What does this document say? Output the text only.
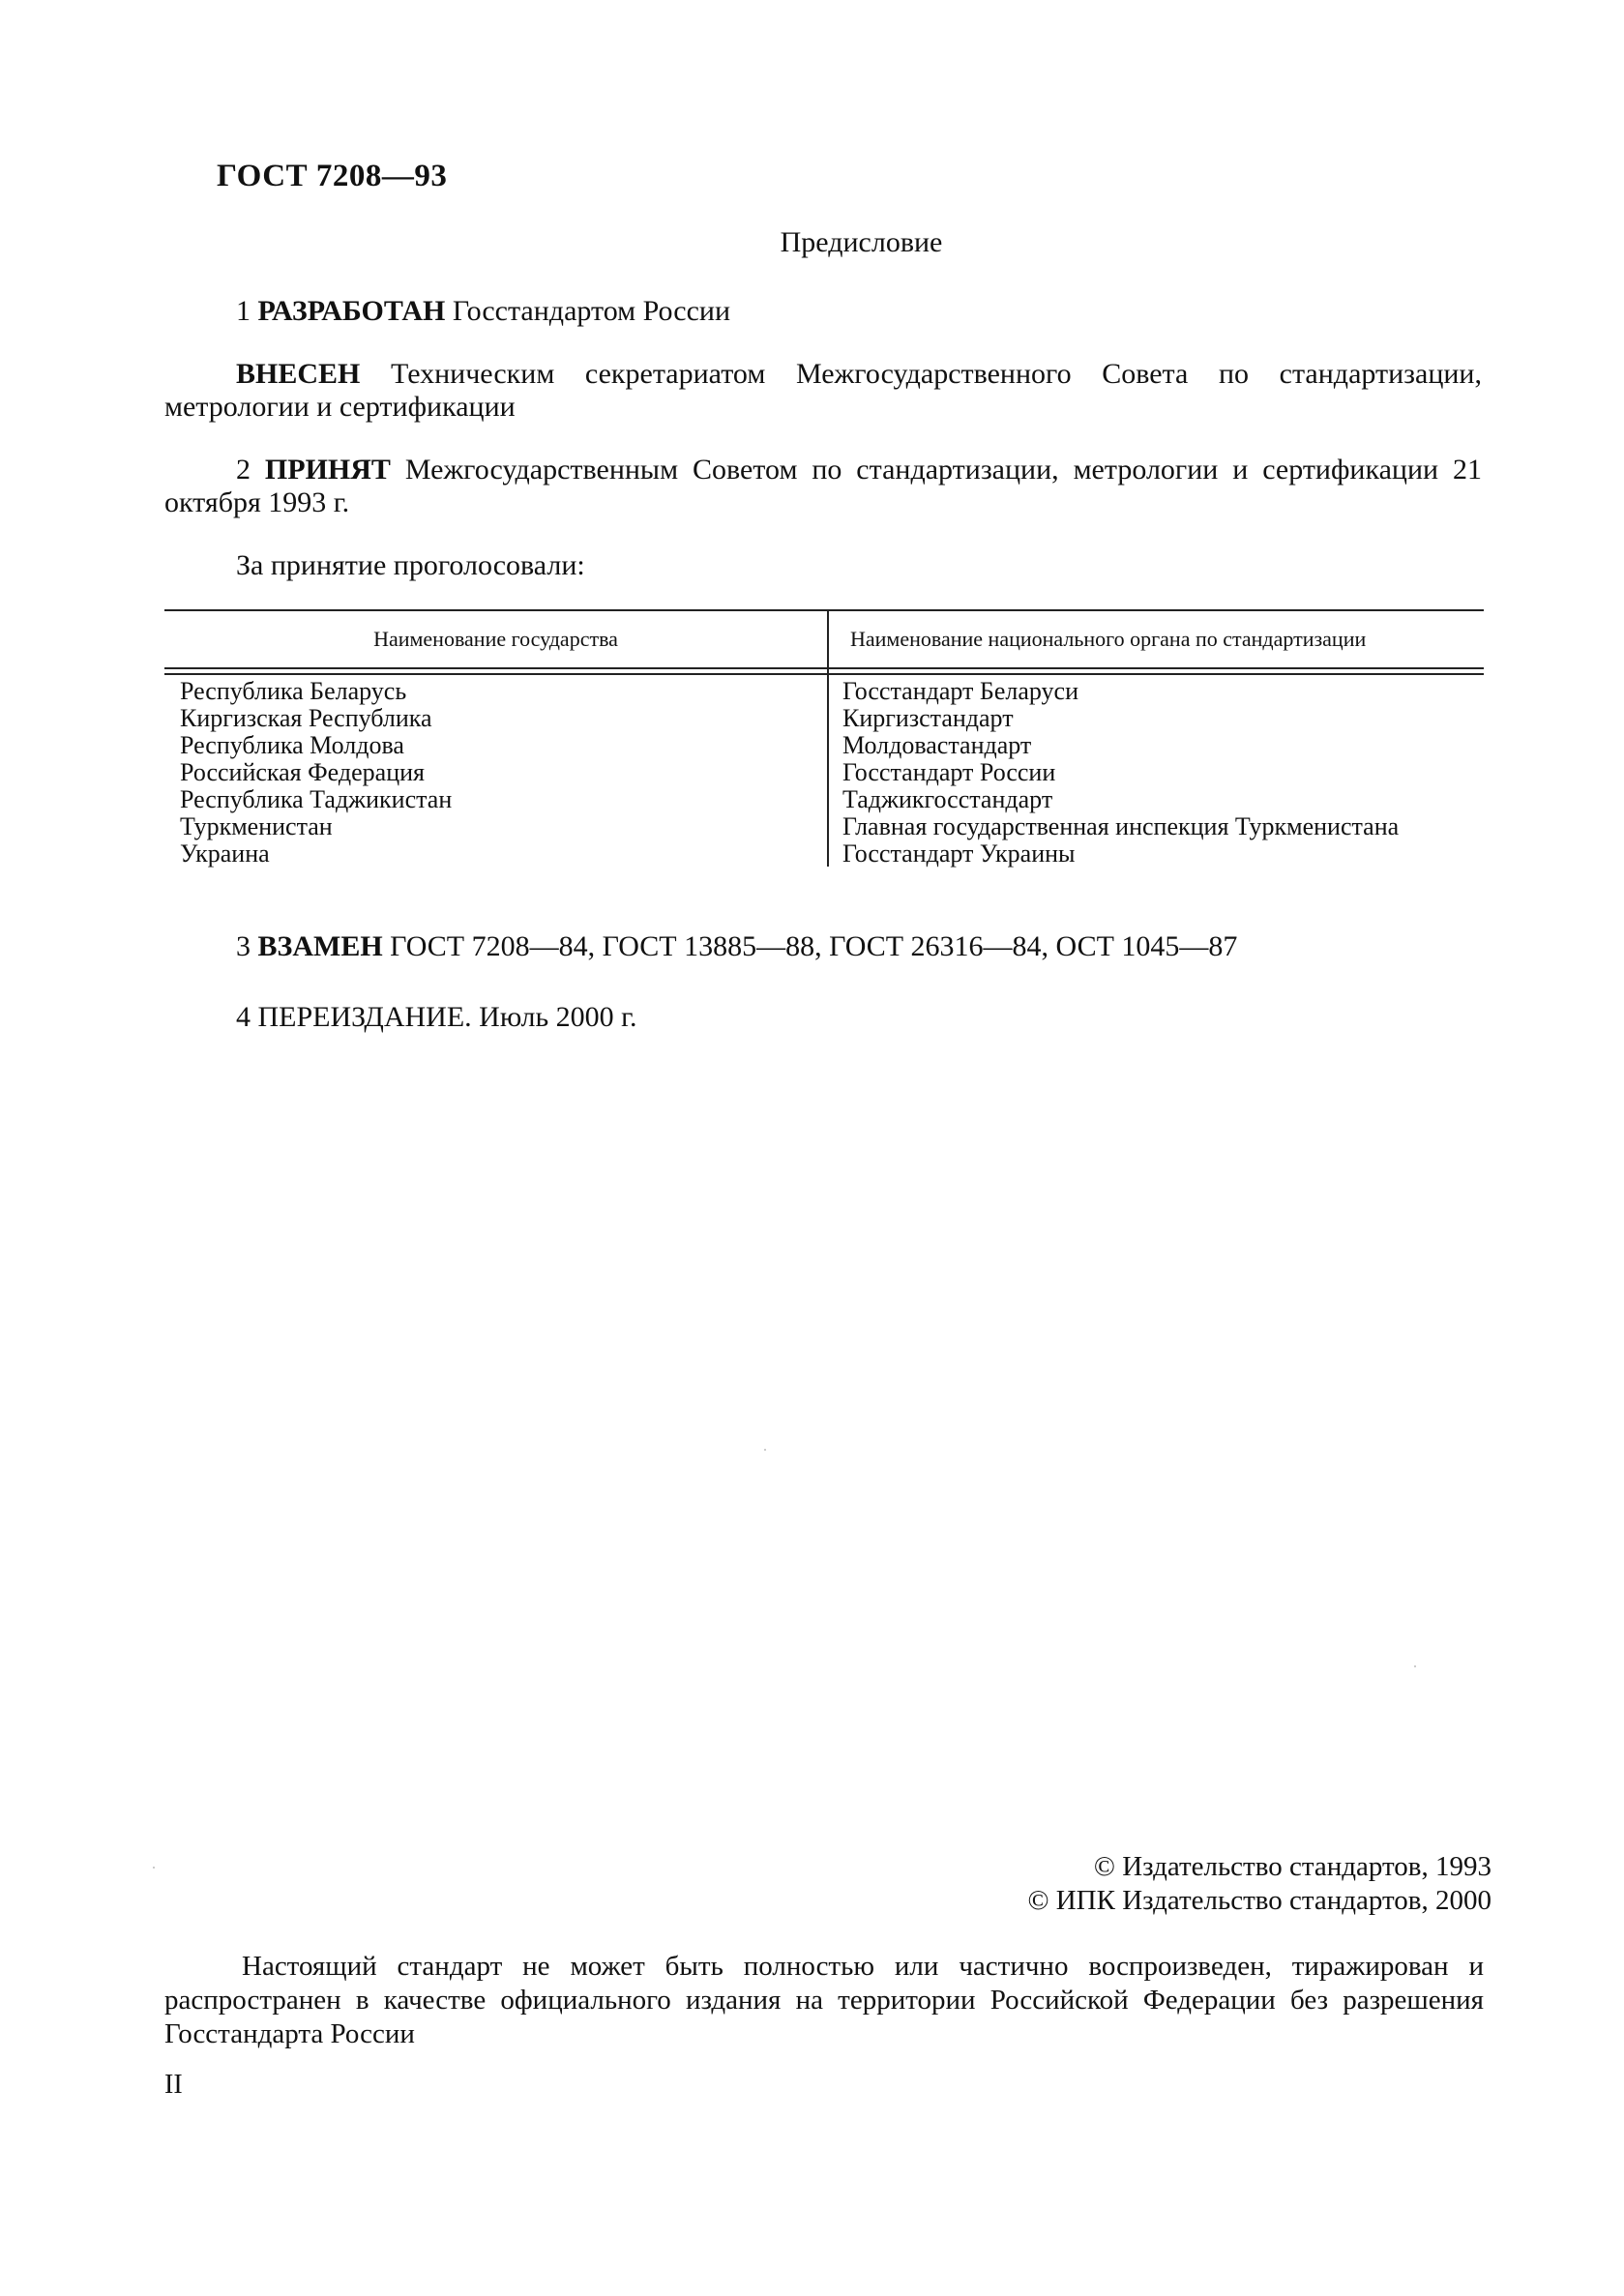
ГОСТ 7208—93
Предисловие
1 РАЗРАБОТАН Госстандартом России
ВНЕСЕН Техническим секретариатом Межгосударственного Совета по стандартизации, метрологии и сертификации
2 ПРИНЯТ Межгосударственным Советом по стандартизации, метрологии и сертификации 21 октября 1993 г.
За принятие проголосовали:
Наименование государства	Наименование национального органа по стандартизации
Республика Беларусь
Киргизская Республика
Республика Молдова
Российская Федерация
Республика Таджикистан
Туркменистан
Украина
Госстандарт Беларуси
Киргизстандарт
Молдовастандарт
Госстандарт России
Таджикгосстандарт
Главная государственная инспекция Туркменистана
Госстандарт Украины
3 ВЗАМЕН ГОСТ 7208—84, ГОСТ 13885—88, ГОСТ 26316—84, ОСТ 1045—87
4 ПЕРЕИЗДАНИЕ. Июль 2000 г.
© Издательство стандартов, 1993
© ИПК Издательство стандартов, 2000
Настоящий стандарт не может быть полностью или частично воспроизведен, тиражирован и распространен в качестве официального издания на территории Российской Федерации без разрешения Госстандарта России
II
